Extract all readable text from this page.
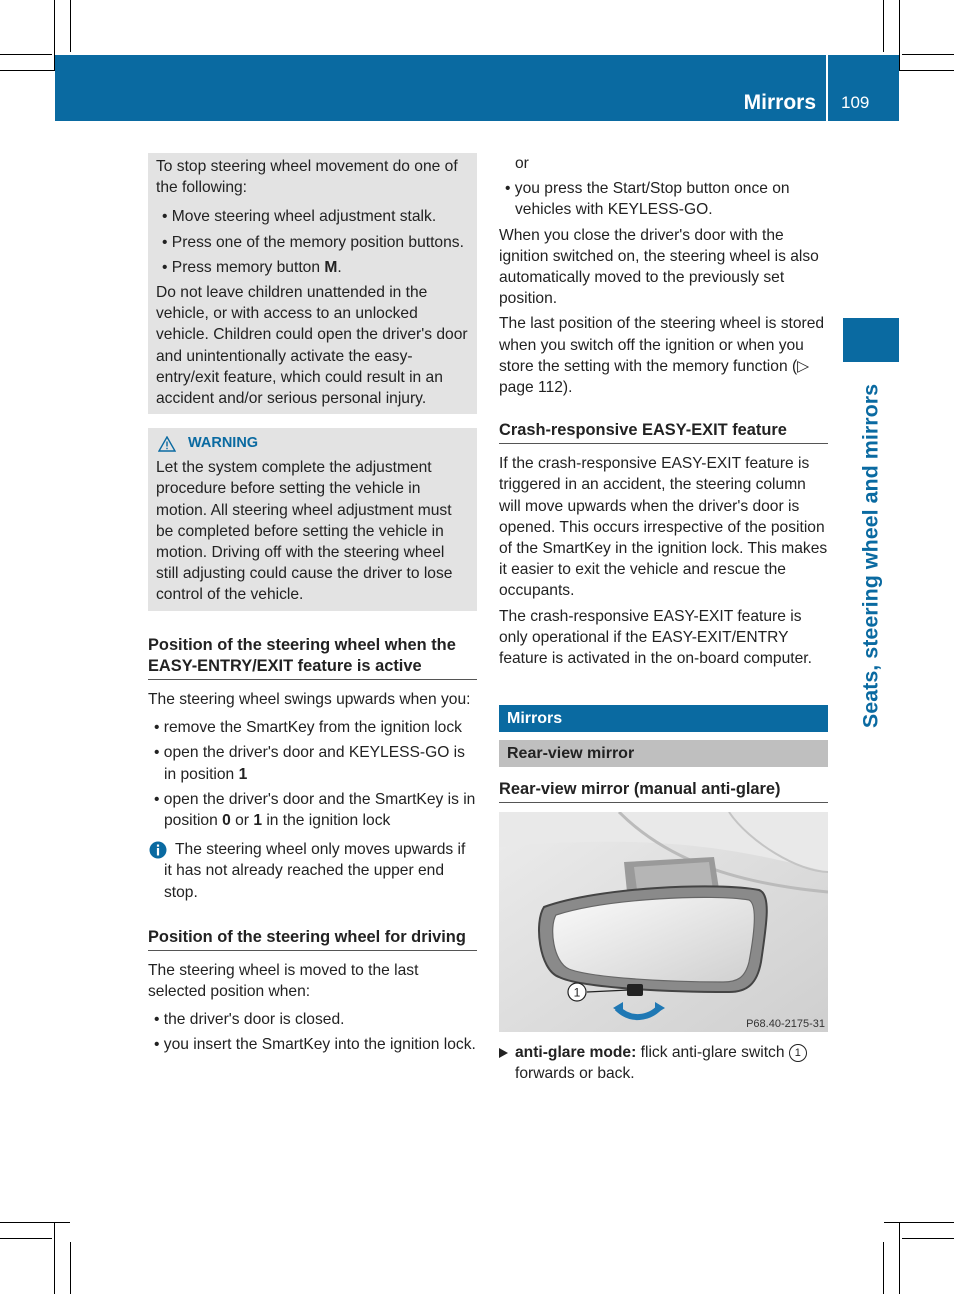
Mirrors 109
Seats, steering wheel and mirrors

To stop steering wheel movement do one of the following:

• Move steering wheel adjustment stalk.

• Press one of the memory position buttons.

• Press memory button M.

Do not leave children unattended in the vehicle, or with access to an unlocked vehicle. Children could open the driver's door and unintentionally activate the easy-entry/exit feature, which could result in an accident and/or serious personal injury.

WARNING

Let the system complete the adjustment procedure before setting the vehicle in motion. All steering wheel adjustment must be completed before setting the vehicle in motion. Driving off with the steering wheel still adjusting could cause the driver to lose control of the vehicle.

Position of the steering wheel when the EASY-ENTRY/EXIT feature is active

The steering wheel swings upwards when you:

• remove the SmartKey from the ignition lock

• open the driver's door and KEYLESS-GO is in position 1

• open the driver's door and the SmartKey is in position 0 or 1 in the ignition lock

The steering wheel only moves upwards if it has not already reached the upper end stop.

Position of the steering wheel for driving

The steering wheel is moved to the last selected position when:

• the driver's door is closed.

• you insert the SmartKey into the ignition lock.

or

• you press the Start/Stop button once on vehicles with KEYLESS-GO.

When you close the driver's door with the ignition switched on, the steering wheel is also automatically moved to the previously set position.

The last position of the steering wheel is stored when you switch off the ignition or when you store the setting with the memory function (▷ page 112).

Crash-responsive EASY-EXIT feature

If the crash-responsive EASY-EXIT feature is triggered in an accident, the steering column will move upwards when the driver's door is opened. This occurs irrespective of the position of the SmartKey in the ignition lock. This makes it easier to exit the vehicle and rescue the occupants.

The crash-responsive EASY-EXIT feature is only operational if the EASY-EXIT/ENTRY feature is activated in the on-board computer.

Mirrors
Rear-view mirror
Rear-view mirror (manual anti-glare)
1
P68.40-2175-31

anti-glare mode: flick anti-glare switch 1 forwards or back.
